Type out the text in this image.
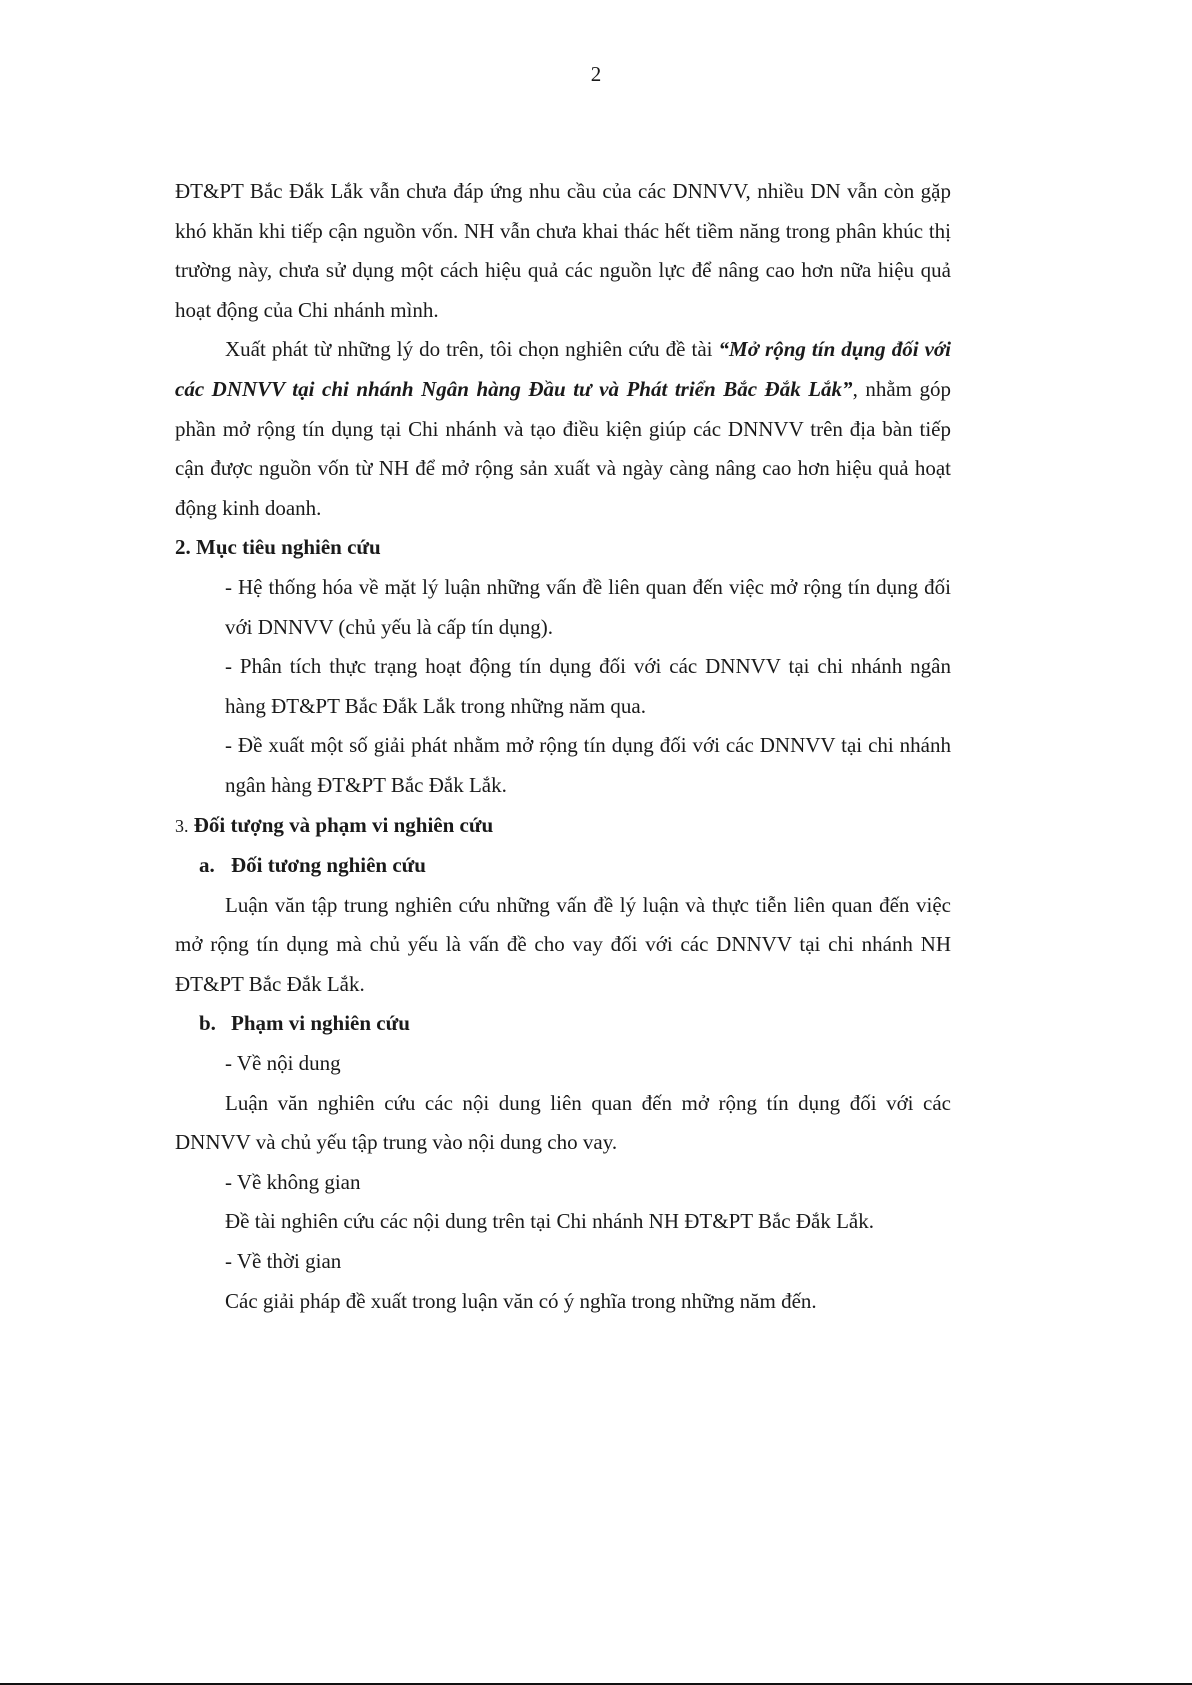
2

ĐT&PT Bắc Đắk Lắk vẫn chưa đáp ứng nhu cầu của các DNNVV, nhiều DN vẫn còn gặp khó khăn khi tiếp cận nguồn vốn. NH vẫn chưa khai thác hết tiềm năng trong phân khúc thị trường này, chưa sử dụng một cách hiệu quả các nguồn lực để nâng cao hơn nữa hiệu quả hoạt động của Chi nhánh mình.

Xuất phát từ những lý do trên, tôi chọn nghiên cứu đề tài “Mở rộng tín dụng đối với các DNNVV tại chi nhánh Ngân hàng Đầu tư và Phát triển Bắc Đắk Lắk”, nhằm góp phần mở rộng tín dụng tại Chi nhánh và tạo điều kiện giúp các DNNVV trên địa bàn tiếp cận được nguồn vốn từ NH để mở rộng sản xuất và ngày càng nâng cao hơn hiệu quả hoạt động kinh doanh.

2. Mục tiêu nghiên cứu

- Hệ thống hóa về mặt lý luận những vấn đề liên quan đến việc mở rộng tín dụng đối với DNNVV (chủ yếu là cấp tín dụng).

- Phân tích thực trạng hoạt động tín dụng đối với các DNNVV tại chi nhánh ngân hàng ĐT&PT Bắc Đắk Lắk trong những năm qua.

- Đề xuất một số giải phát nhằm mở rộng tín dụng đối với các DNNVV tại chi nhánh ngân hàng ĐT&PT Bắc Đắk Lắk.

3. Đối tượng và phạm vi nghiên cứu

a. Đối tương nghiên cứu

Luận văn tập trung nghiên cứu những vấn đề lý luận và thực tiễn liên quan đến việc mở rộng tín dụng mà chủ yếu là vấn đề cho vay đối với các DNNVV tại chi nhánh NH ĐT&PT Bắc Đắk Lắk.

b. Phạm vi nghiên cứu

- Về nội dung

Luận văn nghiên cứu các nội dung liên quan đến mở rộng tín dụng đối với các DNNVV và chủ yếu tập trung vào nội dung cho vay.

- Về không gian

Đề tài nghiên cứu các nội dung trên tại Chi nhánh NH ĐT&PT Bắc Đắk Lắk.

- Về thời gian

Các giải pháp đề xuất trong luận văn có ý nghĩa trong những năm đến.
